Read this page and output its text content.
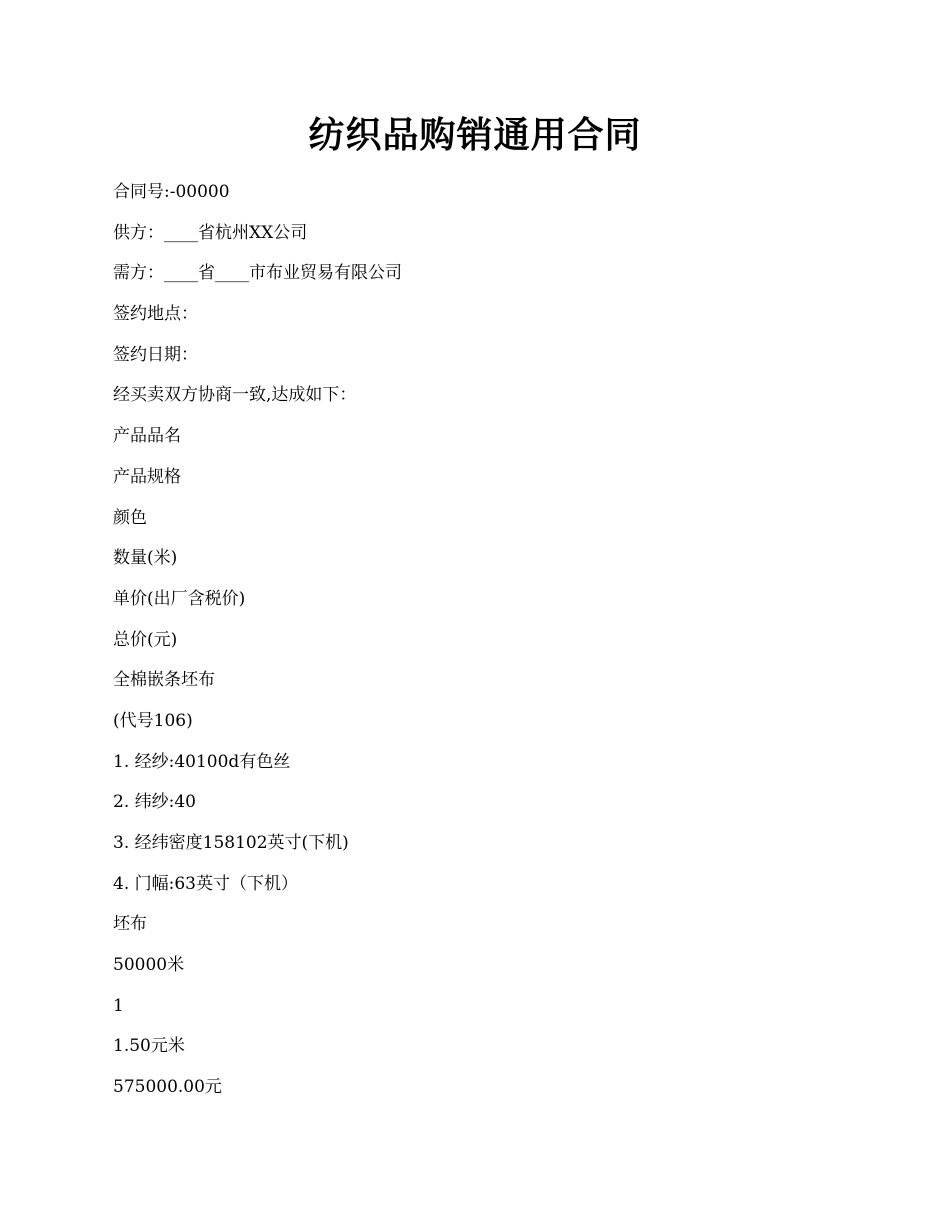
纺织品购销通用合同
合同号:-00000
供方：____省杭州XX公司
需方：____省____市布业贸易有限公司
签约地点：
签约日期：
经买卖双方协商一致,达成如下：
产品品名
产品规格
颜色
数量(米)
单价(出厂含税价)
总价(元)
全棉嵌条坯布
(代号106)
1. 经纱:40100d有色丝
2. 纬纱:40
3. 经纬密度158102英寸(下机)
4. 门幅:63英寸（下机）
坯布
50000米
1
1.50元米
575000.00元
